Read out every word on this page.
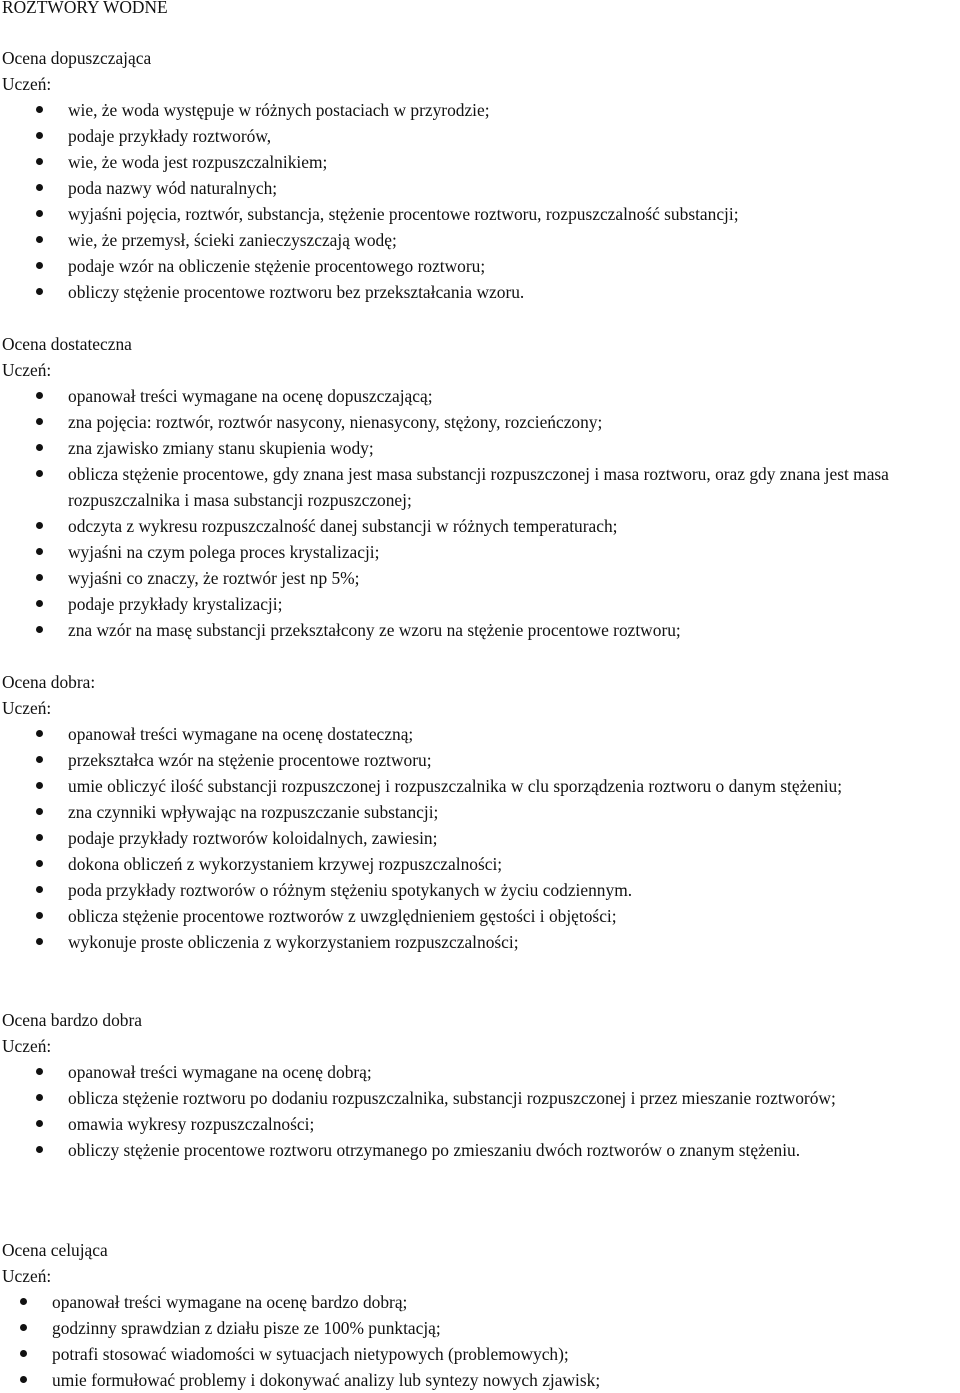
ROZTWORY WODNE
Ocena dopuszczająca
Uczeń:
wie, że woda występuje w różnych postaciach w przyrodzie;
podaje przykłady roztworów,
wie, że woda jest rozpuszczalnikiem;
poda nazwy wód naturalnych;
wyjaśni pojęcia, roztwór, substancja, stężenie procentowe roztworu, rozpuszczalność substancji;
wie, że przemysł, ścieki zanieczyszczają wodę;
podaje wzór na obliczenie stężenie procentowego roztworu;
obliczy stężenie procentowe roztworu bez przekształcania wzoru.
Ocena dostateczna
Uczeń:
opanował treści wymagane na ocenę dopuszczającą;
zna pojęcia: roztwór, roztwór nasycony, nienasycony, stężony, rozcieńczony;
zna zjawisko zmiany stanu skupienia wody;
oblicza stężenie procentowe, gdy znana jest masa substancji rozpuszczonej i masa roztworu, oraz gdy znana jest masa rozpuszczalnika i masa substancji rozpuszczonej;
odczyta z wykresu rozpuszczalność danej substancji w różnych temperaturach;
wyjaśni na czym polega proces krystalizacji;
wyjaśni co znaczy, że roztwór jest np 5%;
podaje przykłady krystalizacji;
zna wzór na masę substancji przekształcony ze wzoru na stężenie procentowe roztworu;
Ocena dobra:
Uczeń:
opanował treści wymagane na ocenę dostateczną;
przekształca wzór na stężenie procentowe roztworu;
umie obliczyć ilość substancji rozpuszczonej i rozpuszczalnika w clu sporządzenia roztworu o danym stężeniu;
zna czynniki wpływając na rozpuszczanie substancji;
podaje przykłady roztworów koloidalnych, zawiesin;
dokona obliczeń z wykorzystaniem krzywej rozpuszczalności;
poda przykłady roztworów o różnym stężeniu spotykanych w życiu codziennym.
oblicza stężenie procentowe roztworów z uwzględnieniem gęstości i objętości;
wykonuje proste obliczenia z wykorzystaniem rozpuszczalności;
Ocena bardzo dobra
Uczeń:
opanował treści wymagane na ocenę dobrą;
oblicza stężenie roztworu po dodaniu rozpuszczalnika, substancji rozpuszczonej i przez mieszanie roztworów;
omawia wykresy rozpuszczalności;
obliczy stężenie procentowe roztworu otrzymanego po zmieszaniu dwóch roztworów o znanym stężeniu.
Ocena celująca
Uczeń:
opanował treści wymagane na ocenę bardzo dobrą;
godzinny sprawdzian z działu pisze ze 100% punktacją;
potrafi stosować wiadomości w sytuacjach nietypowych (problemowych);
umie formułować problemy i dokonywać analizy lub syntezy nowych zjawisk;
